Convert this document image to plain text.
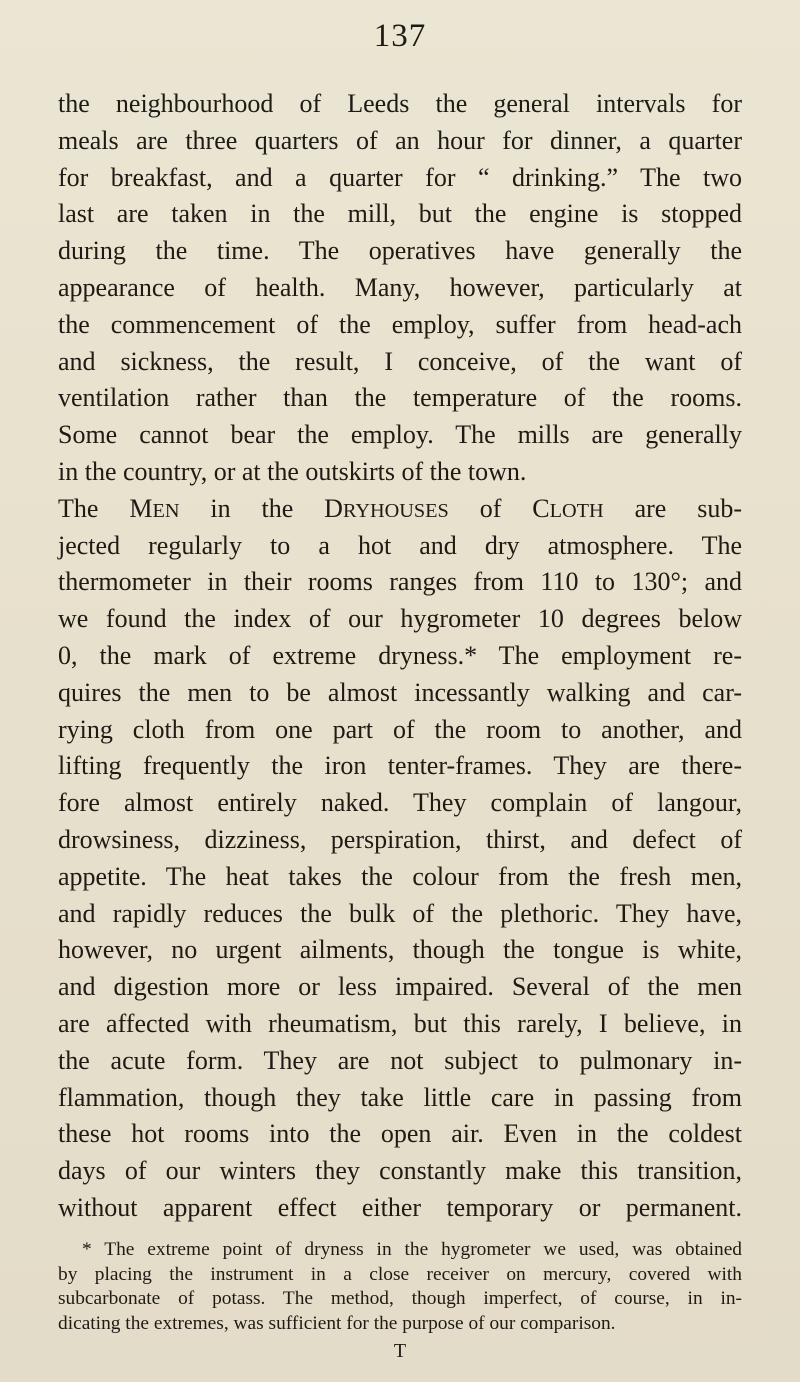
137
the neighbourhood of Leeds the general intervals for
meals are three quarters of an hour for dinner, a quarter
for breakfast, and a quarter for “ drinking.” The two
last are taken in the mill, but the engine is stopped
during the time. The operatives have generally the
appearance of health. Many, however, particularly at
the commencement of the employ, suffer from head-ach
and sickness, the result, I conceive, of the want of
ventilation rather than the temperature of the rooms.
Some cannot bear the employ. The mills are generally
in the country, or at the outskirts of the town.
The MEN in the DRYHOUSES of CLOTH are sub-
jected regularly to a hot and dry atmosphere. The
thermometer in their rooms ranges from 110 to 130°; and
we found the index of our hygrometer 10 degrees below
0, the mark of extreme dryness.* The employment re-
quires the men to be almost incessantly walking and car-
rying cloth from one part of the room to another, and
lifting frequently the iron tenter-frames. They are there-
fore almost entirely naked. They complain of langour,
drowsiness, dizziness, perspiration, thirst, and defect of
appetite. The heat takes the colour from the fresh men,
and rapidly reduces the bulk of the plethoric. They have,
however, no urgent ailments, though the tongue is white,
and digestion more or less impaired. Several of the men
are affected with rheumatism, but this rarely, I believe, in
the acute form. They are not subject to pulmonary in-
flammation, though they take little care in passing from
these hot rooms into the open air. Even in the coldest
days of our winters they constantly make this transition,
without apparent effect either temporary or permanent.
* The extreme point of dryness in the hygrometer we used, was obtained
by placing the instrument in a close receiver on mercury, covered with
subcarbonate of potass. The method, though imperfect, of course, in in-
dicating the extremes, was sufficient for the purpose of our comparison.
T
